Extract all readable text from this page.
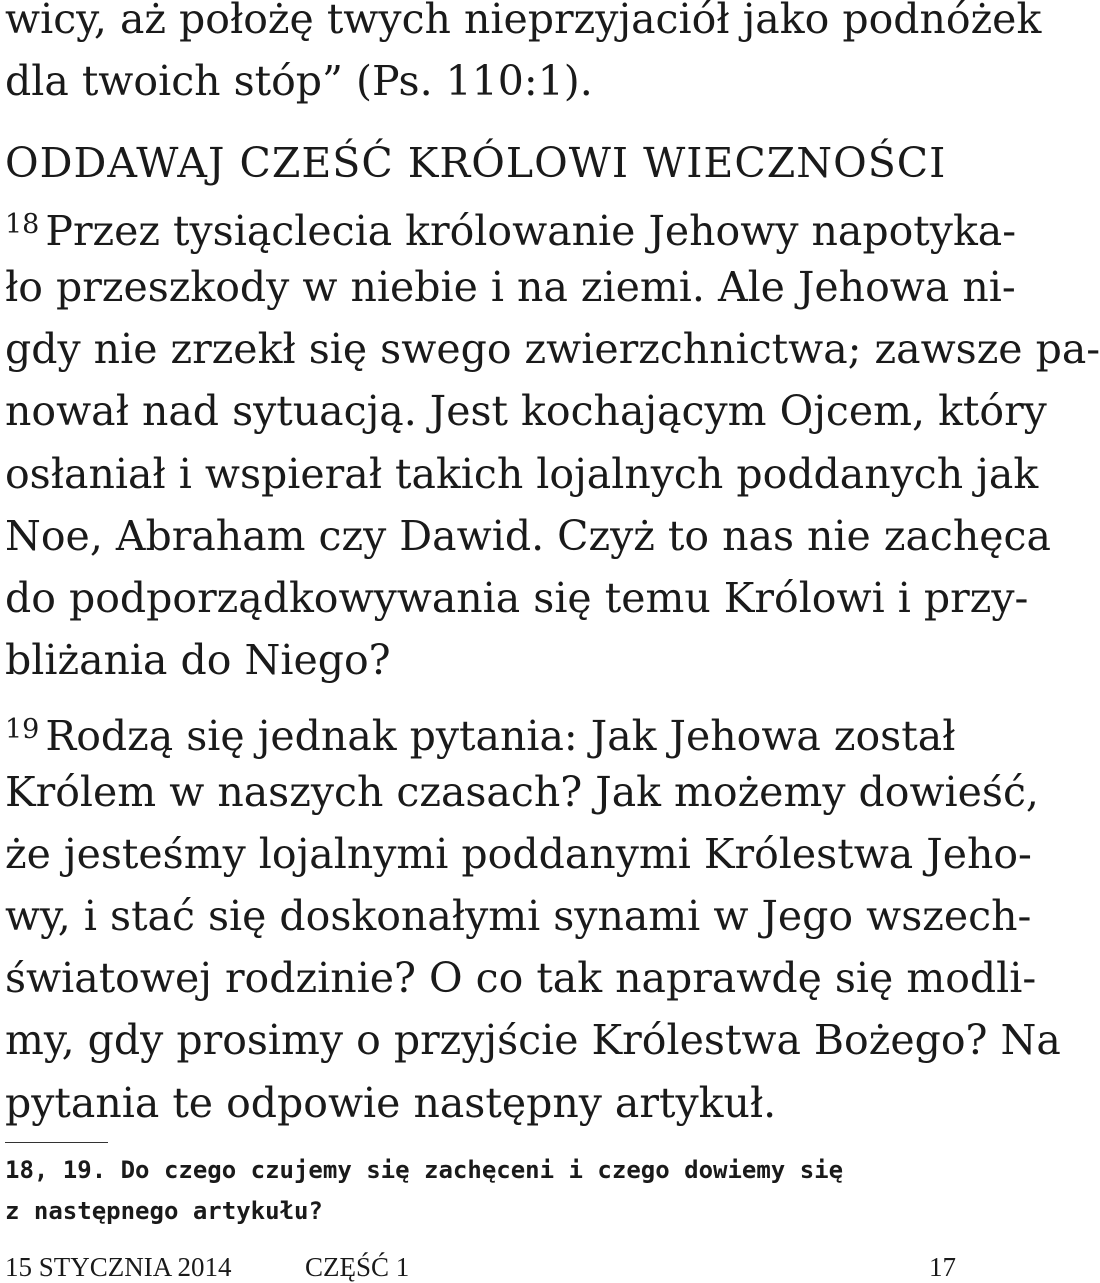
wicy, aż położę twych nieprzyjaciół jako podnóżek
dla twoich stóp” (Ps. 110:1).
ODDAWAJ CZEŚĆ KRÓLOWI WIECZNOŚCI
$^{18}$ Przez tysiąclecia królowanie Jehowy napotyka-
ło przeszkody w niebie i na ziemi. Ale Jehowa ni-
gdy nie zrzekł się swego zwierzchnictwa; zawsze pa-
nował nad sytuacją. Jest kochającym Ojcem, który
osłaniał i wspierał takich lojalnych poddanych jak
Noe, Abraham czy Dawid. Czyż to nas nie zachęca
do podporządkowywania się temu Królowi i przy-
bliżania do Niego?
$^{19}$ Rodzą się jednak pytania: Jak Jehowa został
Królem w naszych czasach? Jak możemy dowieść,
że jesteśmy lojalnymi poddanymi Królestwa Jeho-
wy, i stać się doskonałymi synami w Jego wszech-
światowej rodzinie? O co tak naprawdę się modli-
my, gdy prosimy o przyjście Królestwa Bożego? Na
pytania te odpowie następny artykuł.
18, 19. Do czego czujemy się zachęceni i czego dowiemy się
z następnego artykułu?
15 STYCZNIA 2014	CZĘŚĆ 1	17
